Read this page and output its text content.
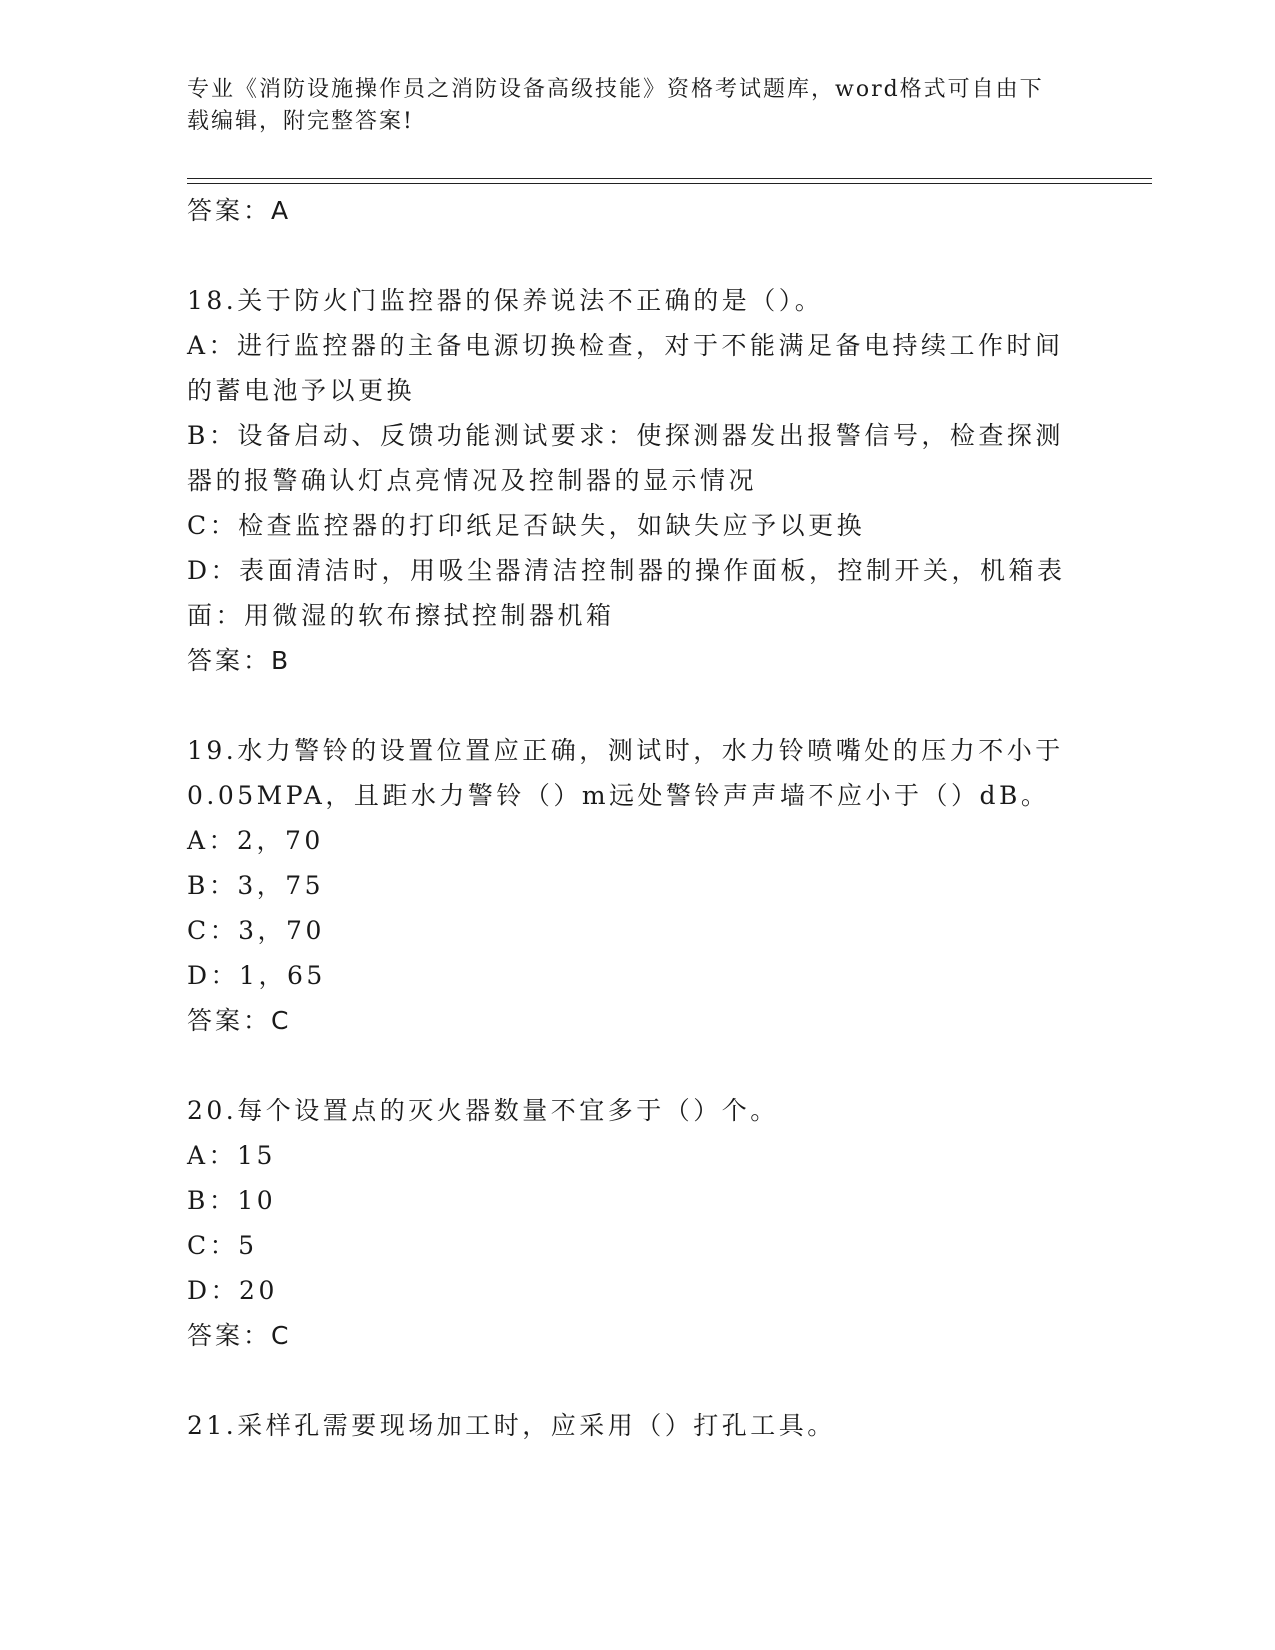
专业《消防设施操作员之消防设备高级技能》资格考试题库，word格式可自由下载编辑，附完整答案!

答案：A

18.关于防火门监控器的保养说法不正确的是（）。

A：进行监控器的主备电源切换检查，对于不能满足备电持续工作时间的蓄电池予以更换

B：设备启动、反馈功能测试要求：使探测器发出报警信号，检查探测器的报警确认灯点亮情况及控制器的显示情况

C：检查监控器的打印纸足否缺失，如缺失应予以更换

D：表面清洁时，用吸尘器清洁控制器的操作面板，控制开关，机箱表面：用微湿的软布擦拭控制器机箱

答案：B

19.水力警铃的设置位置应正确，测试时，水力铃喷嘴处的压力不小于0.05MPA，且距水力警铃（）m远处警铃声声墙不应小于（）dB。

A：2，70

B：3，75

C：3，70

D：1，65

答案：C

20.每个设置点的灭火器数量不宜多于（）个。

A：15

B：10

C：5

D：20

答案：C

21.采样孔需要现场加工时，应采用（）打孔工具。
